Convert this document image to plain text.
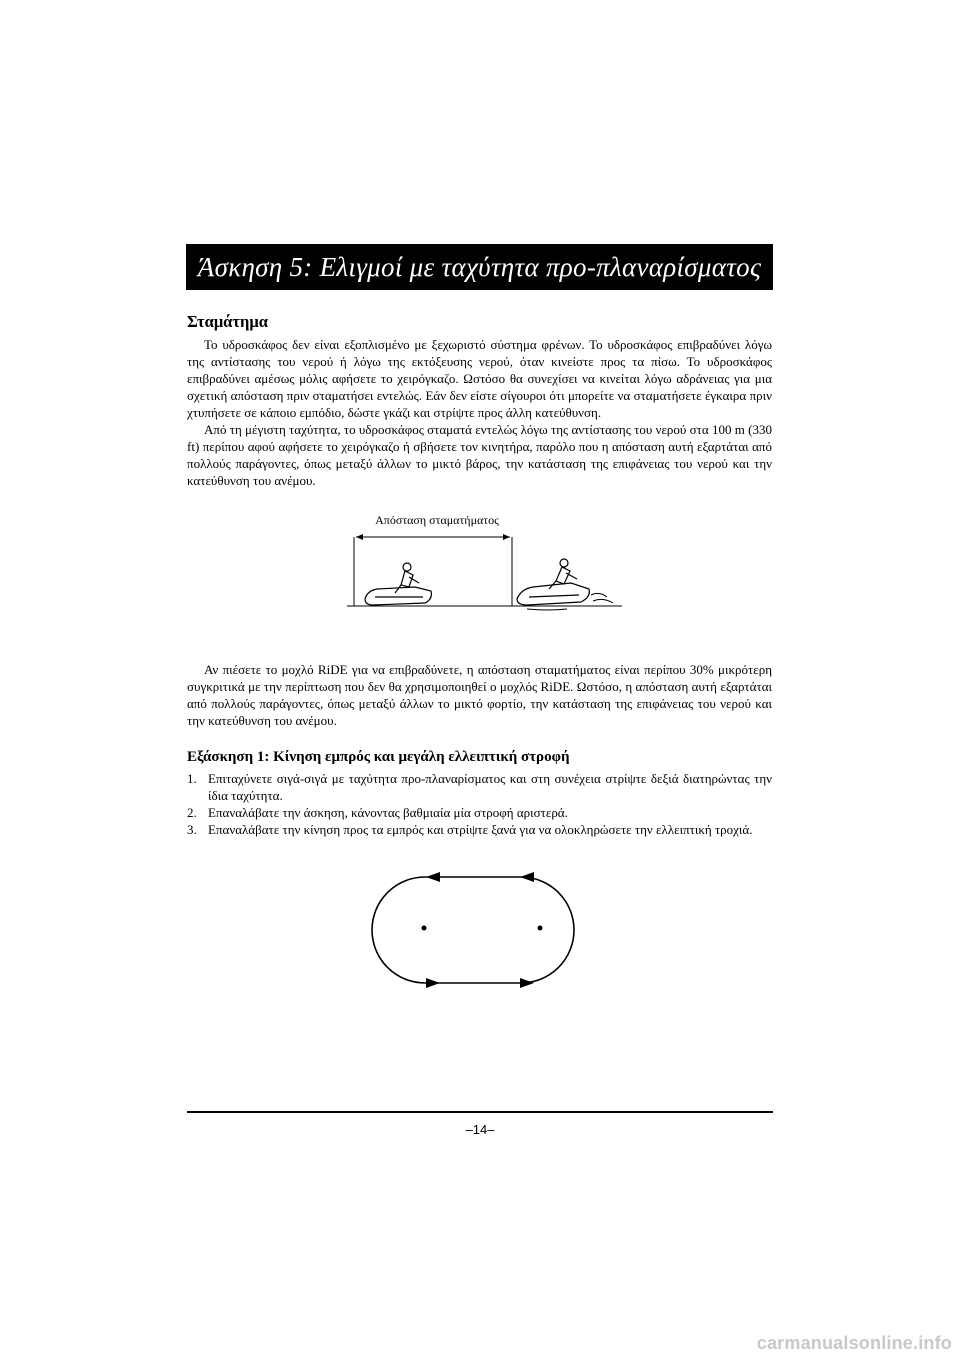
Άσκηση 5: Ελιγμοί με ταχύτητα προ-πλαναρίσματος
Σταμάτημα

Το υδροσκάφος δεν είναι εξοπλισμένο με ξεχωριστό σύστημα φρένων. Το υδροσκάφος επιβραδύνει λόγω της αντίστασης του νερού ή λόγω της εκτόξευσης νερού, όταν κινείστε προς τα πίσω. Το υδροσκάφος επιβραδύνει αμέσως μόλις αφήσετε το χειρόγκαζο. Ωστόσο θα συνεχίσει να κινείται λόγω αδράνειας για μια σχετική απόσταση πριν σταματήσει εντελώς. Εάν δεν είστε σίγουροι ότι μπορείτε να σταματήσετε έγκαιρα πριν χτυπήσετε σε κάποιο εμπόδιο, δώστε γκάζι και στρίψτε προς άλλη κατεύθυνση.

Από τη μέγιστη ταχύτητα, το υδροσκάφος σταματά εντελώς λόγω της αντίστασης του νερού στα 100 m (330 ft) περίπου αφού αφήσετε το χειρόγκαζο ή σβήσετε τον κινητήρα, παρόλο που η απόσταση αυτή εξαρτάται από πολλούς παράγοντες, όπως μεταξύ άλλων το μικτό βάρος, την κατάσταση της επιφάνειας του νερού και την κατεύθυνση του ανέμου.

Απόσταση σταματήματος

Αν πιέσετε το μοχλό RiDE για να επιβραδύνετε, η απόσταση σταματήματος είναι περίπου 30% μικρότερη συγκριτικά με την περίπτωση που δεν θα χρησιμοποιηθεί ο μοχλός RiDE. Ωστόσο, η απόσταση αυτή εξαρτάται από πολλούς παράγοντες, όπως μεταξύ άλλων το μικτό φορτίο, την κατάσταση της επιφάνειας του νερού και την κατεύθυνση του ανέμου.

Εξάσκηση 1: Κίνηση εμπρός και μεγάλη ελλειπτική στροφή
1. Επιταχύνετε σιγά-σιγά με ταχύτητα προ-πλαναρίσματος και στη συνέχεια στρίψτε δεξιά διατηρώντας την ίδια ταχύτητα.
2. Επαναλάβατε την άσκηση, κάνοντας βαθμιαία μία στροφή αριστερά.
3. Επαναλάβατε την κίνηση προς τα εμπρός και στρίψτε ξανά για να ολοκληρώσετε την ελλειπτική τροχιά.
–14–
carmanualsonline.info
